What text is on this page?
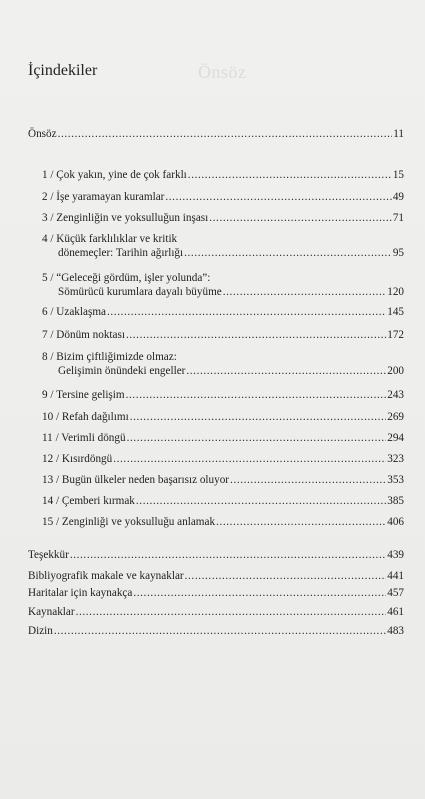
Önsöz
İçindekiler
Önsöz .....	11
1 / Çok yakın, yine de çok farklı .....	15
2 / İşe yaramayan kuramlar .....	49
3 / Zenginliğin ve yoksulluğun inşası .....	71
4 / Küçük farklılıklar ve kritik
dönemeçler: Tarihin ağırlığı .....	95
5 / “Geleceği gördüm, işler yolunda”:
Sömürücü kurumlara dayalı büyüme .....	120
6 / Uzaklaşma .....	145
7 / Dönüm noktası .....	172
8 / Bizim çiftliğimizde olmaz:
Gelişimin önündeki engeller .....	200
9 / Tersine gelişim .....	243
10 / Refah dağılımı .....	269
11 / Verimli döngü .....	294
12 / Kısırdöngü .....	323
13 / Bugün ülkeler neden başarısız oluyor .....	353
14 / Çemberi kırmak .....	385
15 / Zenginliği ve yoksulluğu anlamak .....	406
Teşekkür .....	439
Bibliyografik makale ve kaynaklar .....	441
Haritalar için kaynakça .....	457
Kaynaklar .....	461
Dizin .....	483
